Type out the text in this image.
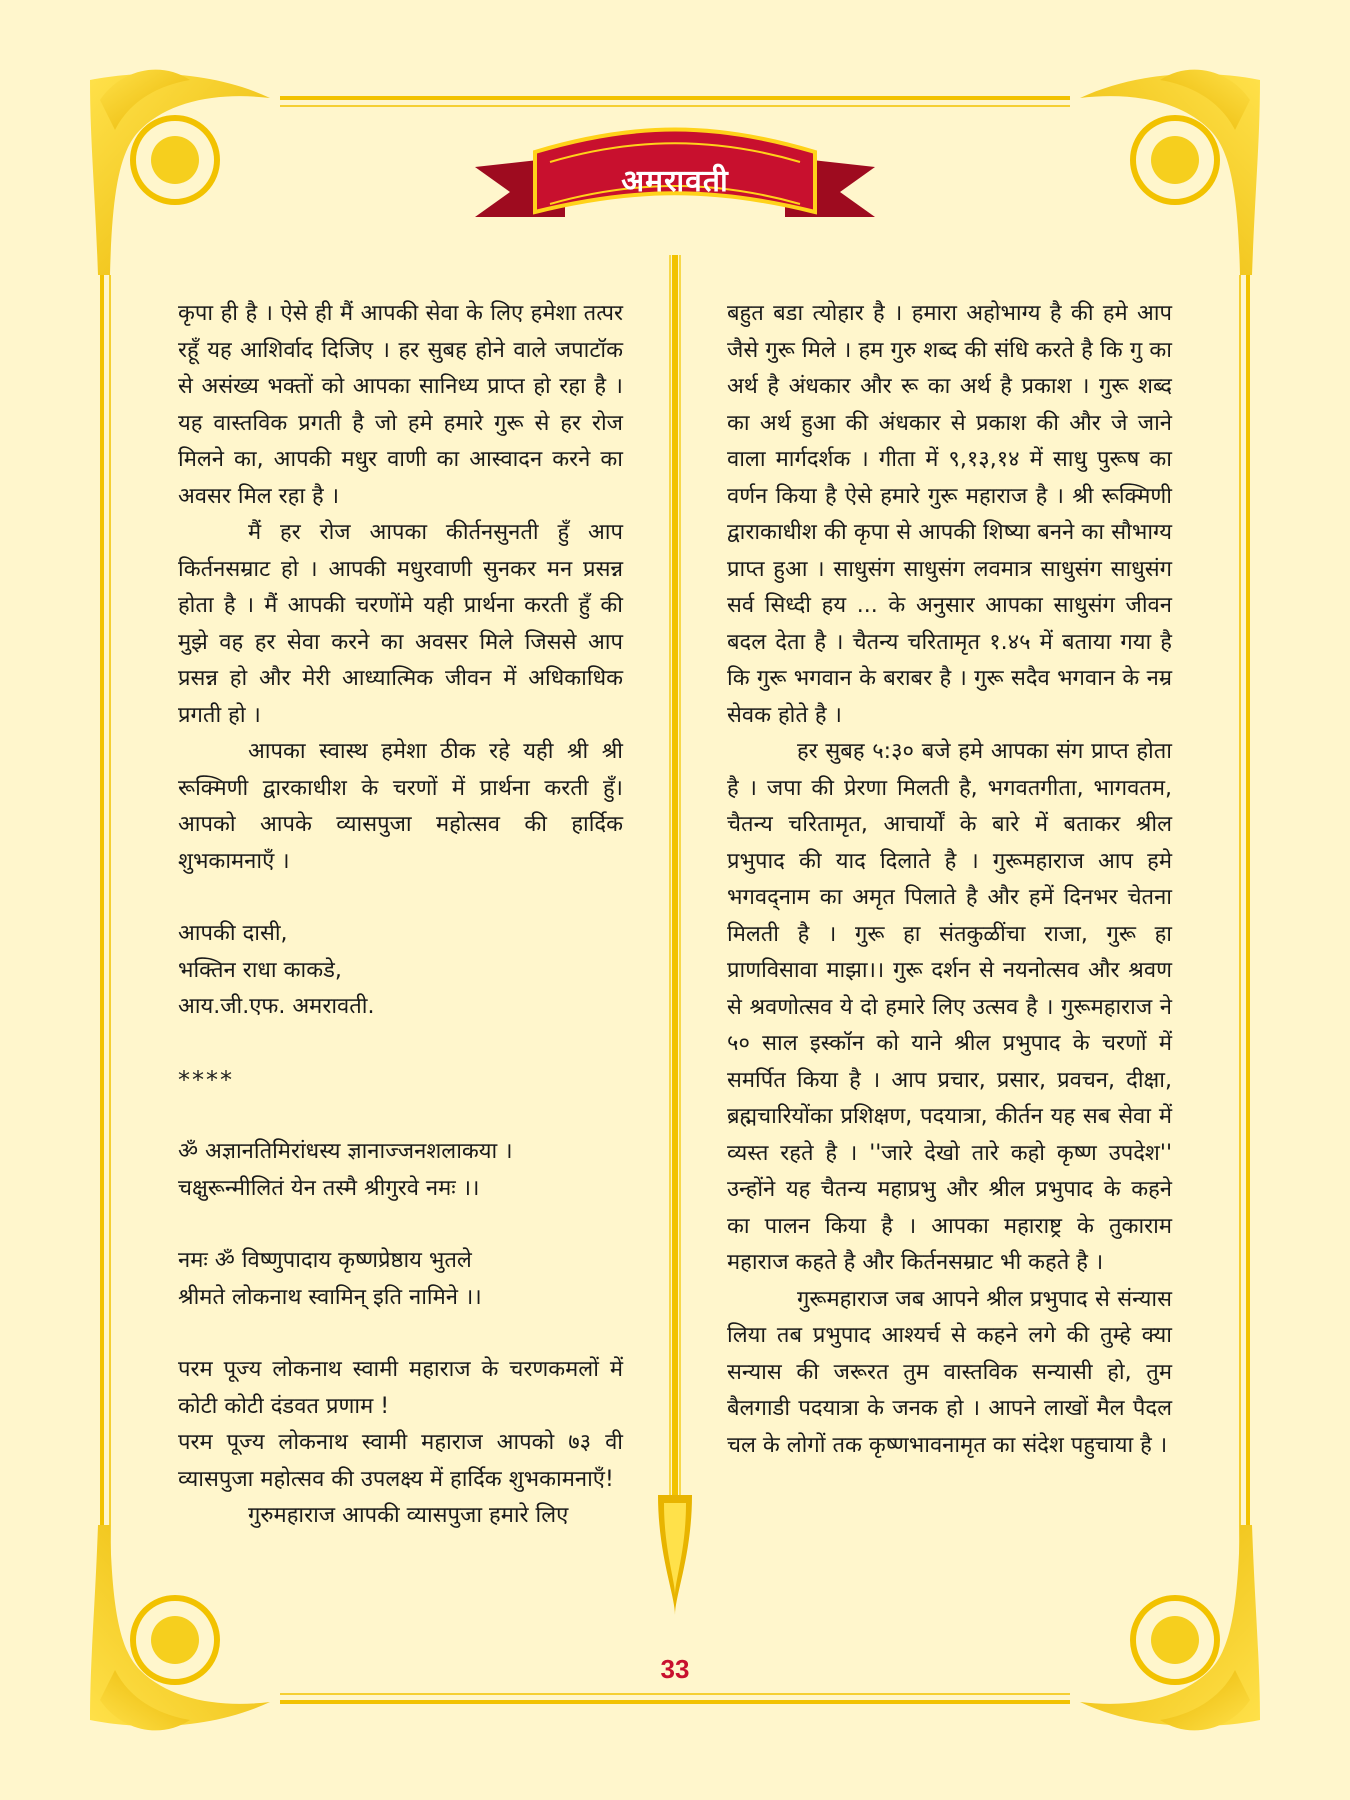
अमरावती

कृपा ही है । ऐसे ही मैं आपकी सेवा के लिए हमेशा तत्पर रहूँ यह आशिर्वाद दिजिए । हर सुबह होने वाले जपाटॉक से असंख्य भक्तों को आपका सानिध्य प्राप्त हो रहा है । यह वास्तविक प्रगती है जो हमे हमारे गुरू से हर रोज मिलने का, आपकी मधुर वाणी का आस्वादन करने का अवसर मिल रहा है ।

मैं हर रोज आपका कीर्तनसुनती हुँ आप किर्तनसम्राट हो । आपकी मधुरवाणी सुनकर मन प्रसन्न होता है । मैं आपकी चरणोंमे यही प्रार्थना करती हुँ की मुझे वह हर सेवा करने का अवसर मिले जिससे आप प्रसन्न हो और मेरी आध्यात्मिक जीवन में अधिकाधिक प्रगती हो ।

आपका स्वास्थ हमेशा ठीक रहे यही श्री श्री रूक्मिणी द्वारकाधीश के चरणों में प्रार्थना करती हुँ। आपको आपके व्यासपुजा महोत्सव की हार्दिक शुभकामनाएँ ।

आपकी दासी,

भक्तिन राधा काकडे,

आय.जी.एफ. अमरावती.

****

ॐ अज्ञानतिमिरांधस्य ज्ञानाज्जनशलाकया ।

चक्षुरून्मीलितं येन तस्मै श्रीगुरवे नमः ।।

नमः ॐ विष्णुपादाय कृष्णप्रेष्ठाय भुतले

श्रीमते लोकनाथ स्वामिन् इति नामिने ।।

परम पूज्य लोकनाथ स्वामी महाराज के चरणकमलों में कोटी कोटी दंडवत प्रणाम !

परम पूज्य लोकनाथ स्वामी महाराज आपको ७३ वी व्यासपुजा महोत्सव की उपलक्ष्य में हार्दिक शुभकामनाएँ!

गुरुमहाराज आपकी व्यासपुजा हमारे लिए

बहुत बडा त्योहार है । हमारा अहोभाग्य है की हमे आप जैसे गुरू मिले । हम गुरु शब्द की संधि करते है कि गु का अर्थ है अंधकार और रू का अर्थ है प्रकाश । गुरू शब्द का अर्थ हुआ की अंधकार से प्रकाश की और जे जाने वाला मार्गदर्शक । गीता में ९,१३,१४ में साधु पुरूष का वर्णन किया है ऐसे हमारे गुरू महाराज है । श्री रूक्मिणी द्वाराकाधीश की कृपा से आपकी शिष्या बनने का सौभाग्य प्राप्त हुआ । साधुसंग साधुसंग लवमात्र साधुसंग साधुसंग सर्व सिध्दी हय ... के अनुसार आपका साधुसंग जीवन बदल देता है । चैतन्य चरितामृत १.४५ में बताया गया है कि गुरू भगवान के बराबर है । गुरू सदैव भगवान के नम्र सेवक होते है ।

हर सुबह ५:३० बजे हमे आपका संग प्राप्त होता है । जपा की प्रेरणा मिलती है, भगवतगीता, भागवतम, चैतन्य चरितामृत, आचार्यों के बारे में बताकर श्रील प्रभुपाद की याद दिलाते है । गुरूमहाराज आप हमे भगवद्नाम का अमृत पिलाते है और हमें दिनभर चेतना मिलती है । गुरू हा संतकुळींचा राजा, गुरू हा प्राणविसावा माझा।। गुरू दर्शन से नयनोत्सव और श्रवण से श्रवणोत्सव ये दो हमारे लिए उत्सव है । गुरूमहाराज ने ५० साल इस्कॉन को याने श्रील प्रभुपाद के चरणों में समर्पित किया है । आप प्रचार, प्रसार, प्रवचन, दीक्षा, ब्रह्मचारियोंका प्रशिक्षण, पदयात्रा, कीर्तन यह सब सेवा में व्यस्त रहते है । ''जारे देखो तारे कहो कृष्ण उपदेश'' उन्होंने यह चैतन्य महाप्रभु और श्रील प्रभुपाद के कहने का पालन किया है । आपका महाराष्ट्र के तुकाराम महाराज कहते है और किर्तनसम्राट भी कहते है ।

गुरूमहाराज जब आपने श्रील प्रभुपाद से संन्यास लिया तब प्रभुपाद आश्यर्च से कहने लगे की तुम्हे क्या सन्यास की जरूरत तुम वास्तविक सन्यासी हो, तुम बैलगाडी पदयात्रा के जनक हो । आपने लाखों मैल पैदल चल के लोगों तक कृष्णभावनामृत का संदेश पहुचाया है ।

33
